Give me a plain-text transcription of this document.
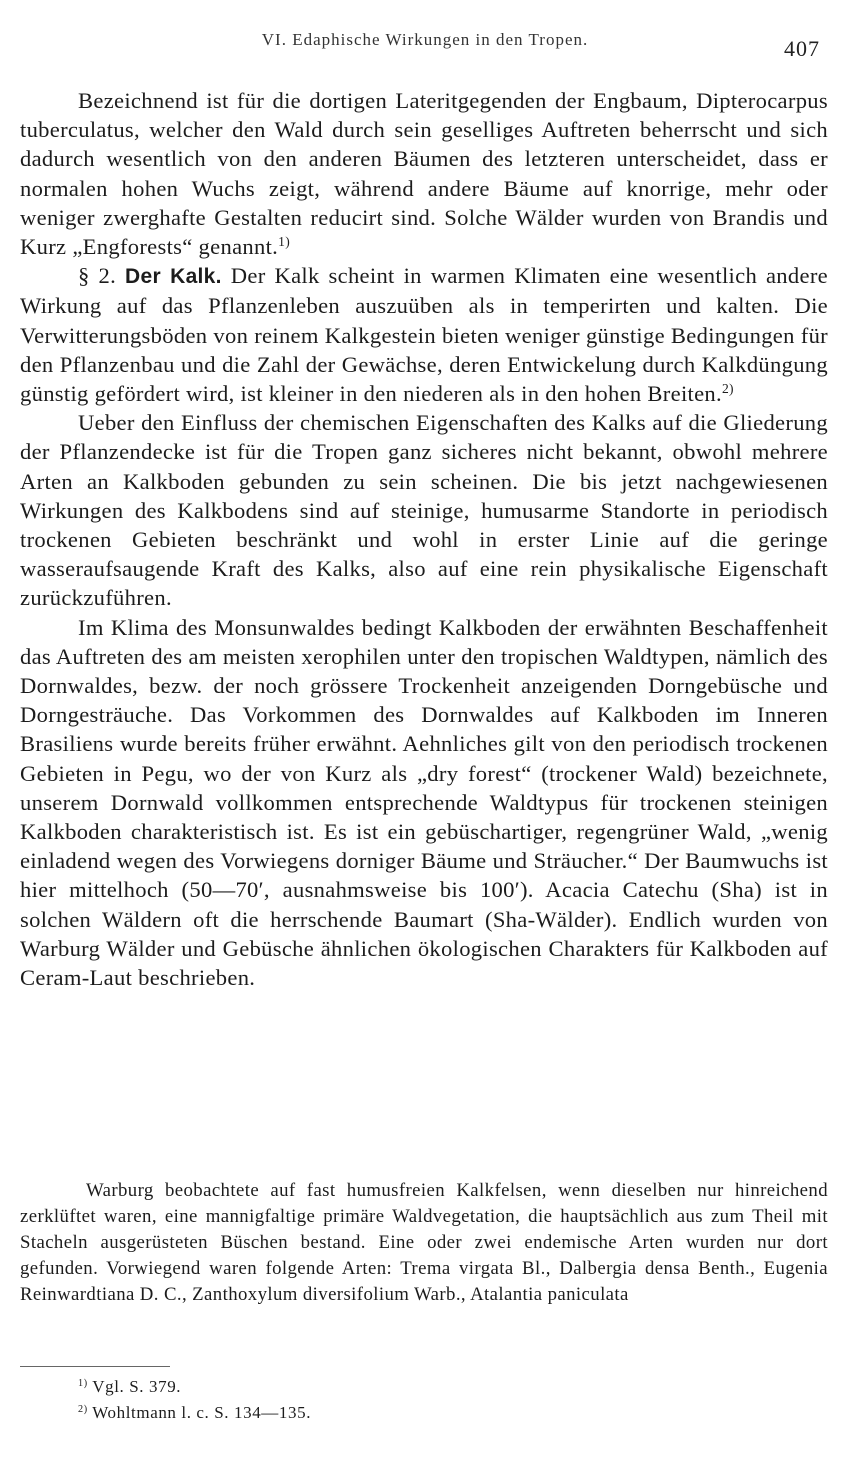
VI. Edaphische Wirkungen in den Tropen.	407

Bezeichnend ist für die dortigen Lateritgegenden der Engbaum, Dipterocarpus tuberculatus, welcher den Wald durch sein geselliges Auftreten beherrscht und sich dadurch wesentlich von den anderen Bäumen des letzteren unterscheidet, dass er normalen hohen Wuchs zeigt, während andere Bäume auf knorrige, mehr oder weniger zwerghafte Gestalten reducirt sind. Solche Wälder wurden von Brandis und Kurz „Engforests“ genannt.$^{1)}$

§ 2. Der Kalk. Der Kalk scheint in warmen Klimaten eine wesentlich andere Wirkung auf das Pflanzenleben auszuüben als in temperirten und kalten. Die Verwitterungsböden von reinem Kalkgestein bieten weniger günstige Bedingungen für den Pflanzenbau und die Zahl der Gewächse, deren Entwickelung durch Kalkdüngung günstig gefördert wird, ist kleiner in den niederen als in den hohen Breiten.$^{2)}$

Ueber den Einfluss der chemischen Eigenschaften des Kalks auf die Gliederung der Pflanzendecke ist für die Tropen ganz sicheres nicht bekannt, obwohl mehrere Arten an Kalkboden gebunden zu sein scheinen. Die bis jetzt nachgewiesenen Wirkungen des Kalkbodens sind auf steinige, humusarme Standorte in periodisch trockenen Gebieten beschränkt und wohl in erster Linie auf die geringe wasseraufsaugende Kraft des Kalks, also auf eine rein physikalische Eigenschaft zurückzuführen.

Im Klima des Monsunwaldes bedingt Kalkboden der erwähnten Beschaffenheit das Auftreten des am meisten xerophilen unter den tropischen Waldtypen, nämlich des Dornwaldes, bezw. der noch grössere Trockenheit anzeigenden Dorngebüsche und Dorngesträuche. Das Vorkommen des Dornwaldes auf Kalkboden im Inneren Brasiliens wurde bereits früher erwähnt. Aehnliches gilt von den periodisch trockenen Gebieten in Pegu, wo der von Kurz als „dry forest“ (trockener Wald) bezeichnete, unserem Dornwald vollkommen entsprechende Waldtypus für trockenen steinigen Kalkboden charakteristisch ist. Es ist ein gebüschartiger, regengrüner Wald, „wenig einladend wegen des Vorwiegens dorniger Bäume und Sträucher.“ Der Baumwuchs ist hier mittelhoch (50—70′, ausnahmsweise bis 100′). Acacia Catechu (Sha) ist in solchen Wäldern oft die herrschende Baumart (Sha-Wälder). Endlich wurden von Warburg Wälder und Gebüsche ähnlichen ökologischen Charakters für Kalkboden auf Ceram-Laut beschrieben.

Warburg beobachtete auf fast humusfreien Kalkfelsen, wenn dieselben nur hinreichend zerklüftet waren, eine mannigfaltige primäre Waldvegetation, die hauptsächlich aus zum Theil mit Stacheln ausgerüsteten Büschen bestand. Eine oder zwei endemische Arten wurden nur dort gefunden. Vorwiegend waren folgende Arten: Trema virgata Bl., Dalbergia densa Benth., Eugenia Reinwardtiana D. C., Zanthoxylum diversifolium Warb., Atalantia paniculata

$^{1)}$ Vgl. S. 379.
$^{2)}$ Wohltmann l. c. S. 134—135.
